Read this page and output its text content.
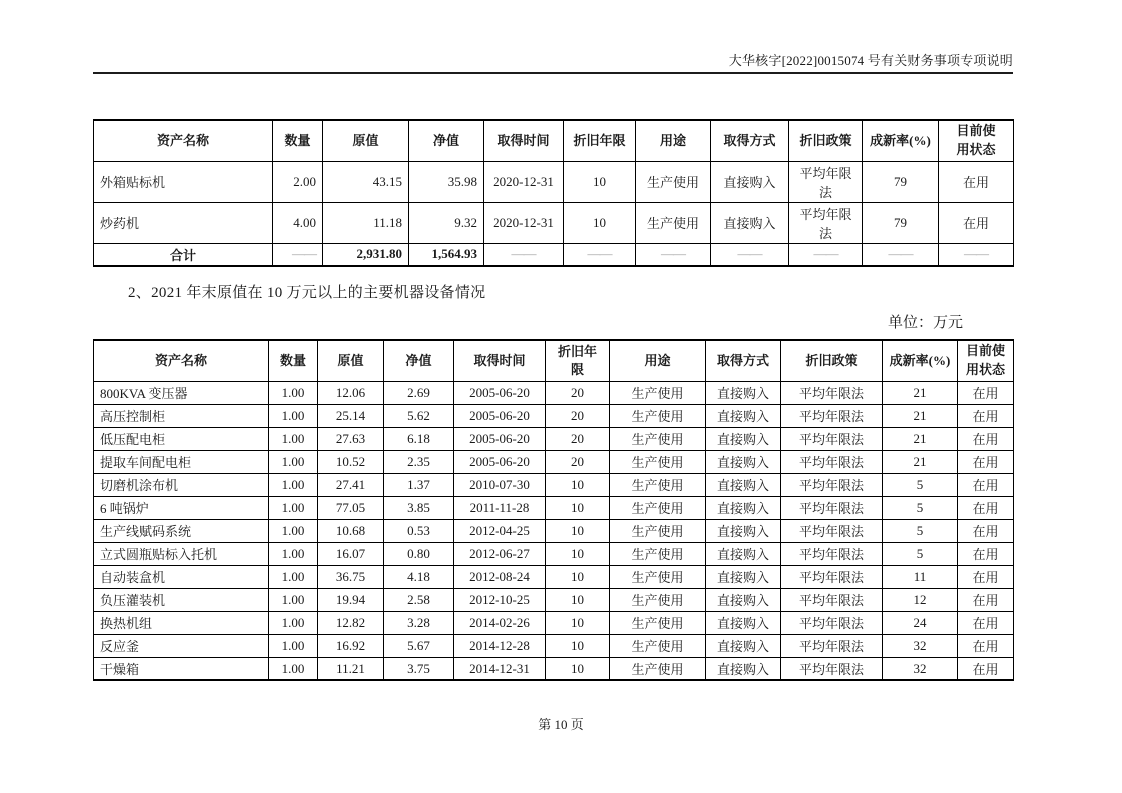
大华核字[2022]0015074 号有关财务事项专项说明
资产名称	数量	原值	净值	取得时间	折旧年限	用途	取得方式	折旧政策	成新率(%)	目前使用状态
外箱贴标机	2.00	43.15	35.98	2020-12-31	10	生产使用	直接购入	平均年限法	79	在用
炒药机	4.00	11.18	9.32	2020-12-31	10	生产使用	直接购入	平均年限法	79	在用
合计	——	2,931.80	1,564.93	——	——	——	——	——	——	——
2、2021 年末原值在 10 万元以上的主要机器设备情况
单位：万元
资产名称	数量	原值	净值	取得时间	折旧年限	用途	取得方式	折旧政策	成新率(%)	目前使用状态
800KVA 变压器	1.00	12.06	2.69	2005-06-20	20	生产使用	直接购入	平均年限法	21	在用
高压控制柜	1.00	25.14	5.62	2005-06-20	20	生产使用	直接购入	平均年限法	21	在用
低压配电柜	1.00	27.63	6.18	2005-06-20	20	生产使用	直接购入	平均年限法	21	在用
提取车间配电柜	1.00	10.52	2.35	2005-06-20	20	生产使用	直接购入	平均年限法	21	在用
切磨机涂布机	1.00	27.41	1.37	2010-07-30	10	生产使用	直接购入	平均年限法	5	在用
6 吨锅炉	1.00	77.05	3.85	2011-11-28	10	生产使用	直接购入	平均年限法	5	在用
生产线赋码系统	1.00	10.68	0.53	2012-04-25	10	生产使用	直接购入	平均年限法	5	在用
立式圆瓶贴标入托机	1.00	16.07	0.80	2012-06-27	10	生产使用	直接购入	平均年限法	5	在用
自动装盒机	1.00	36.75	4.18	2012-08-24	10	生产使用	直接购入	平均年限法	11	在用
负压灌装机	1.00	19.94	2.58	2012-10-25	10	生产使用	直接购入	平均年限法	12	在用
换热机组	1.00	12.82	3.28	2014-02-26	10	生产使用	直接购入	平均年限法	24	在用
反应釜	1.00	16.92	5.67	2014-12-28	10	生产使用	直接购入	平均年限法	32	在用
干燥箱	1.00	11.21	3.75	2014-12-31	10	生产使用	直接购入	平均年限法	32	在用
第 10 页
